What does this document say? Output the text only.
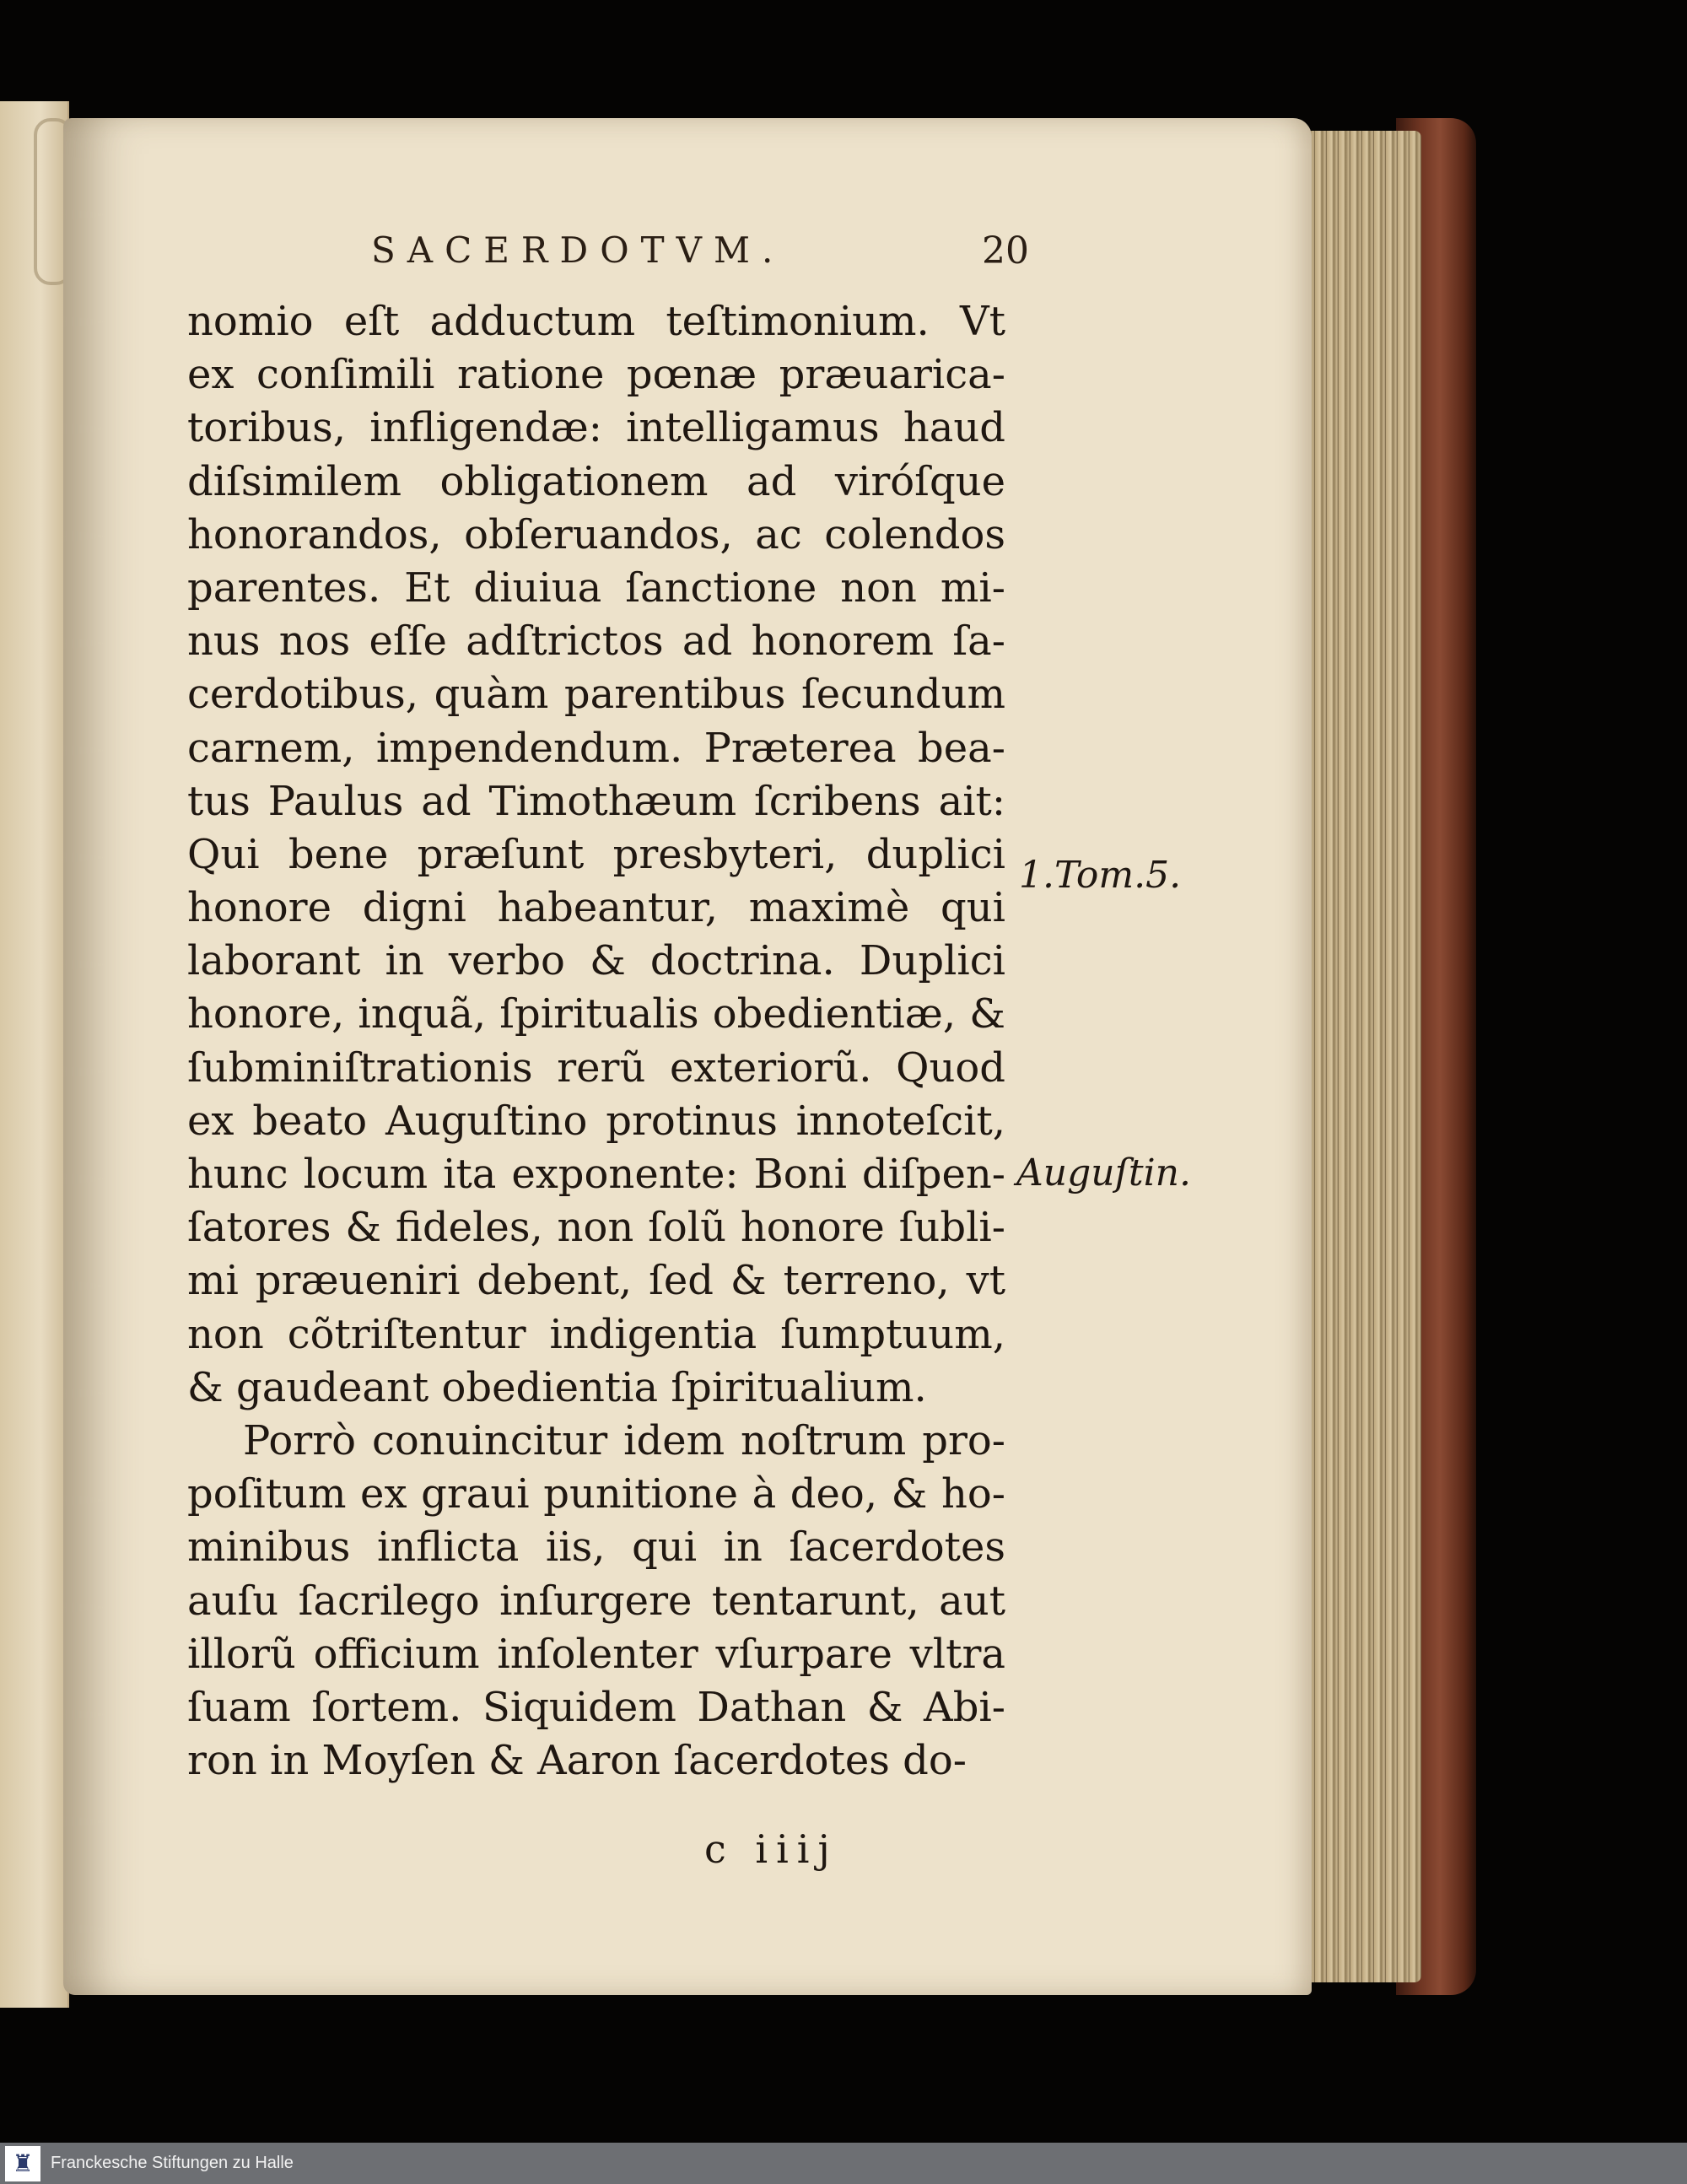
SACERDOTVM.	20
nomio eſt adductum teſtimonium. Vt
ex conſimili ratione pœnæ præuarica-
toribus, infligendæ: intelligamus haud
diſsimilem obligationem ad viróſque
honorandos, obſeruandos, ac colendos
parentes. Et diuiua ſanctione non mi-
nus nos eſſe adſtrictos ad honorem ſa-
cerdotibus, quàm parentibus ſecundum
carnem, impendendum. Præterea bea-
tus Paulus ad Timothæum ſcribens ait:
Qui bene præſunt presbyteri, duplici
honore digni habeantur, maximè qui
laborant in verbo & doctrina. Duplici
honore, inquã, ſpiritualis obedientiæ, &
ſubminiſtrationis rerũ exteriorũ. Quod
ex beato Auguſtino protinus innoteſcit,
hunc locum ita exponente: Boni diſpen-
ſatores & fideles, non ſolũ honore ſubli-
mi præueniri debent, ſed & terreno, vt
non cõtriſtentur indigentia ſumptuum,
& gaudeant obedientia ſpiritualium.
Porrò conuincitur idem noſtrum pro-
poſitum ex graui punitione à deo, & ho-
minibus inflicta iis, qui in ſacerdotes
auſu ſacrilego inſurgere tentarunt, aut
illorũ officium inſolenter vſurpare vltra
ſuam ſortem. Siquidem Dathan & Abi-
ron in Moyſen & Aaron ſacerdotes do-
1.Tom.5.
Auguſtin.
c iiij
♜ Franckesche Stiftungen zu Halle
